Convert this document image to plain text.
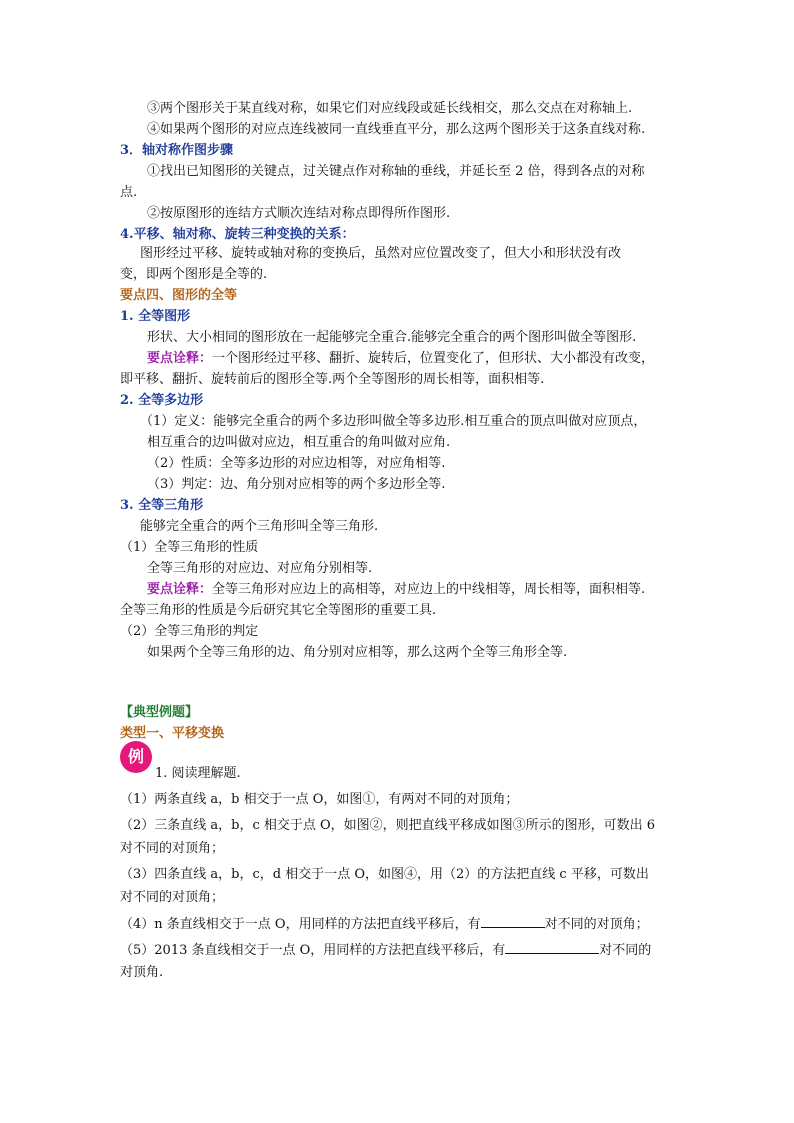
③两个图形关于某直线对称，如果它们对应线段或延长线相交，那么交点在对称轴上.
④如果两个图形的对应点连线被同一直线垂直平分，那么这两个图形关于这条直线对称.
3．轴对称作图步骤
①找出已知图形的关键点，过关键点作对称轴的垂线，并延长至 2 倍，得到各点的对称
点.
②按原图形的连结方式顺次连结对称点即得所作图形.
4.平移、轴对称、旋转三种变换的关系：
图形经过平移、旋转或轴对称的变换后，虽然对应位置改变了，但大小和形状没有改
变，即两个图形是全等的.
要点四、图形的全等
1. 全等图形
形状、大小相同的图形放在一起能够完全重合.能够完全重合的两个图形叫做全等图形.
要点诠释：一个图形经过平移、翻折、旋转后，位置变化了，但形状、大小都没有改变，
即平移、翻折、旋转前后的图形全等.两个全等图形的周长相等，面积相等.
2. 全等多边形
（1）定义：能够完全重合的两个多边形叫做全等多边形.相互重合的顶点叫做对应顶点，
相互重合的边叫做对应边，相互重合的角叫做对应角.
（2）性质：全等多边形的对应边相等，对应角相等.
（3）判定：边、角分别对应相等的两个多边形全等.
3. 全等三角形
能够完全重合的两个三角形叫全等三角形.
（1）全等三角形的性质
全等三角形的对应边、对应角分别相等.
要点诠释：全等三角形对应边上的高相等，对应边上的中线相等，周长相等，面积相等.
全等三角形的性质是今后研究其它全等图形的重要工具.
（2）全等三角形的判定
如果两个全等三角形的边、角分别对应相等，那么这两个全等三角形全等.
【典型例题】
类型一、平移变换
例
1. 阅读理解题.
（1）两条直线 a，b 相交于一点 O，如图①，有两对不同的对顶角；
（2）三条直线 a，b，c 相交于点 O，如图②，则把直线平移成如图③所示的图形，可数出 6
对不同的对顶角；
（3）四条直线 a，b，c，d 相交于一点 O，如图④，用（2）的方法把直线 c 平移，可数出
对不同的对顶角；
（4）n 条直线相交于一点 O，用同样的方法把直线平移后，有	对不同的对顶角；
（5）2013 条直线相交于一点 O，用同样的方法把直线平移后，有	对不同的
对顶角.
